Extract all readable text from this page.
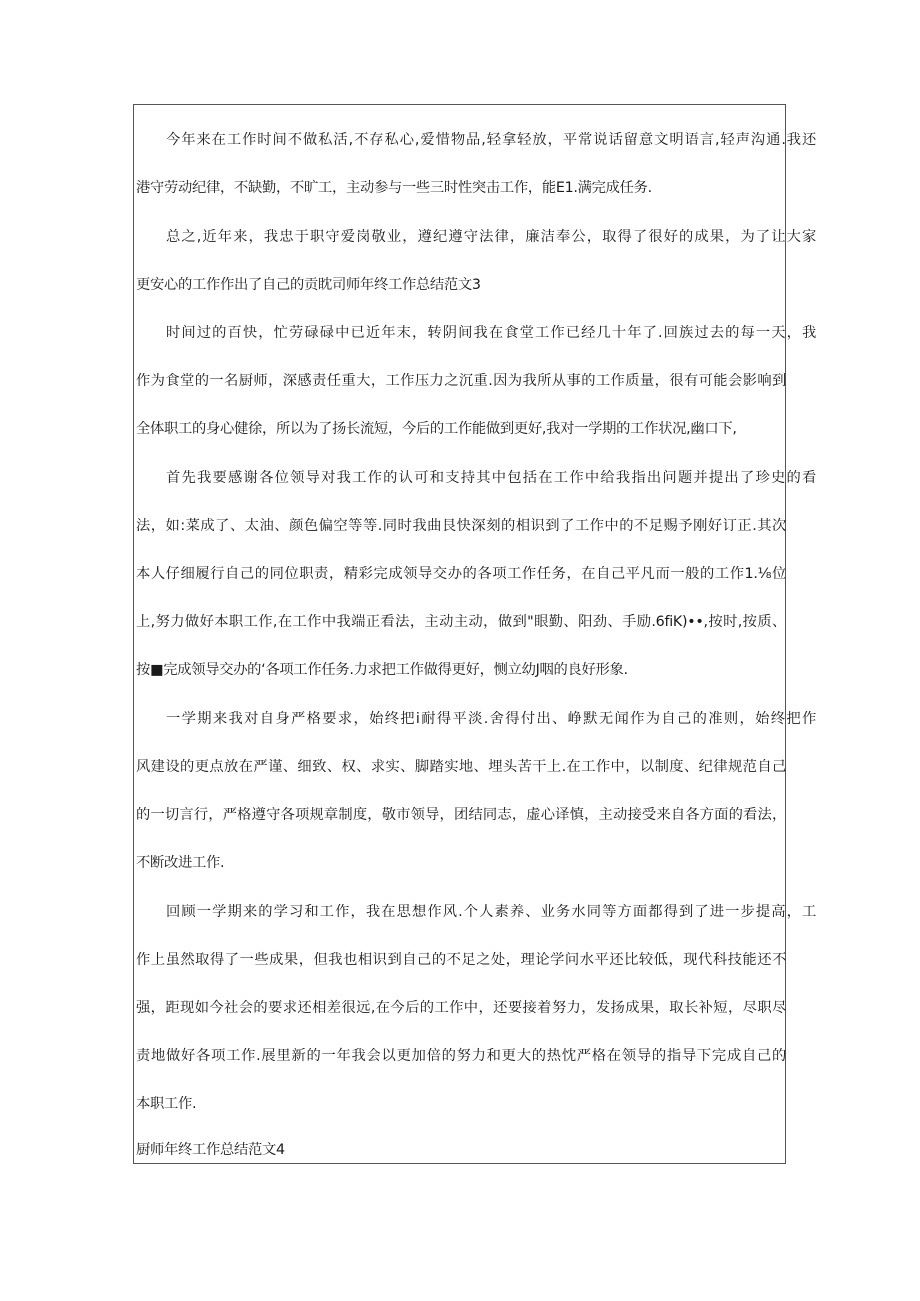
今年来在工作时间不做私活,不存私心,爱惜物品,轻拿轻放，平常说话留意文明语言,轻声沟通.我还
港守劳动纪律，不缺勤，不旷工，主动参与一些三时性突击工作，能E1.满完成任务.
总之,近年来，我忠于职守爱岗敬业，遵纪遵守法律，廉洁奉公，取得了很好的成果，为了让大家
更安心的工作作出了自己的贡眈司师年终工作总结范文3
时间过的百快，忙劳碌碌中已近年末，转阴间我在食堂工作已经几十年了.回族过去的每一天，我
作为食堂的一名厨师，深感责任重大，工作压力之沉重.因为我所从事的工作质量，很有可能会影响到
全体职工的身心健徐，所以为了扬长流短，今后的工作能做到更好,我对一学期的工作状况,幽口下,
首先我要感谢各位领导对我工作的认可和支持其中包括在工作中给我指出问题并提出了珍史的看
法，如:菜成了、太油、颜色偏空等等.同时我曲艮快深刻的相识到了工作中的不足赐予刚好订正.其次
本人仔细履行自己的同位职责，精彩完成领导交办的各项工作任务，在自己平凡而一般的工作1.⅛位
上,努力做好本职工作,在工作中我端正看法，主动主动，做到"眼勤、阳劲、手励.6fiK)••,按时,按质、
按■完成领导交办的‘各项工作任务.力求把工作做得更好，恻立幼J咽的良好形象.
一学期来我对自身严格要求，始终把i耐得平淡.舍得付出、峥默无闻作为自己的准则，始终把作
风建设的更点放在严谨、细致、权、求实、脚踏实地、埋头苦干上.在工作中，以制度、纪律规范自己
的一切言行，严格遵守各项规章制度，敬市领导，团结同志，虚心译慎，主动接受来自各方面的看法，
不断改进工作.
回顾一学期来的学习和工作，我在思想作风.个人素养、业务水同等方面都得到了进一步提高，工
作上虽然取得了一些成果，但我也相识到自己的不足之处，理论学问水平还比较低，现代科技能还不
强，距现如今社会的要求还相差很远,在今后的工作中，还要接着努力，发扬成果，取长补短，尽职尽
责地做好各项工作.展里新的一年我会以更加倍的努力和更大的热忱严格在领导的指导下完成自己的
本职工作.
厨师年终工作总结范文4
